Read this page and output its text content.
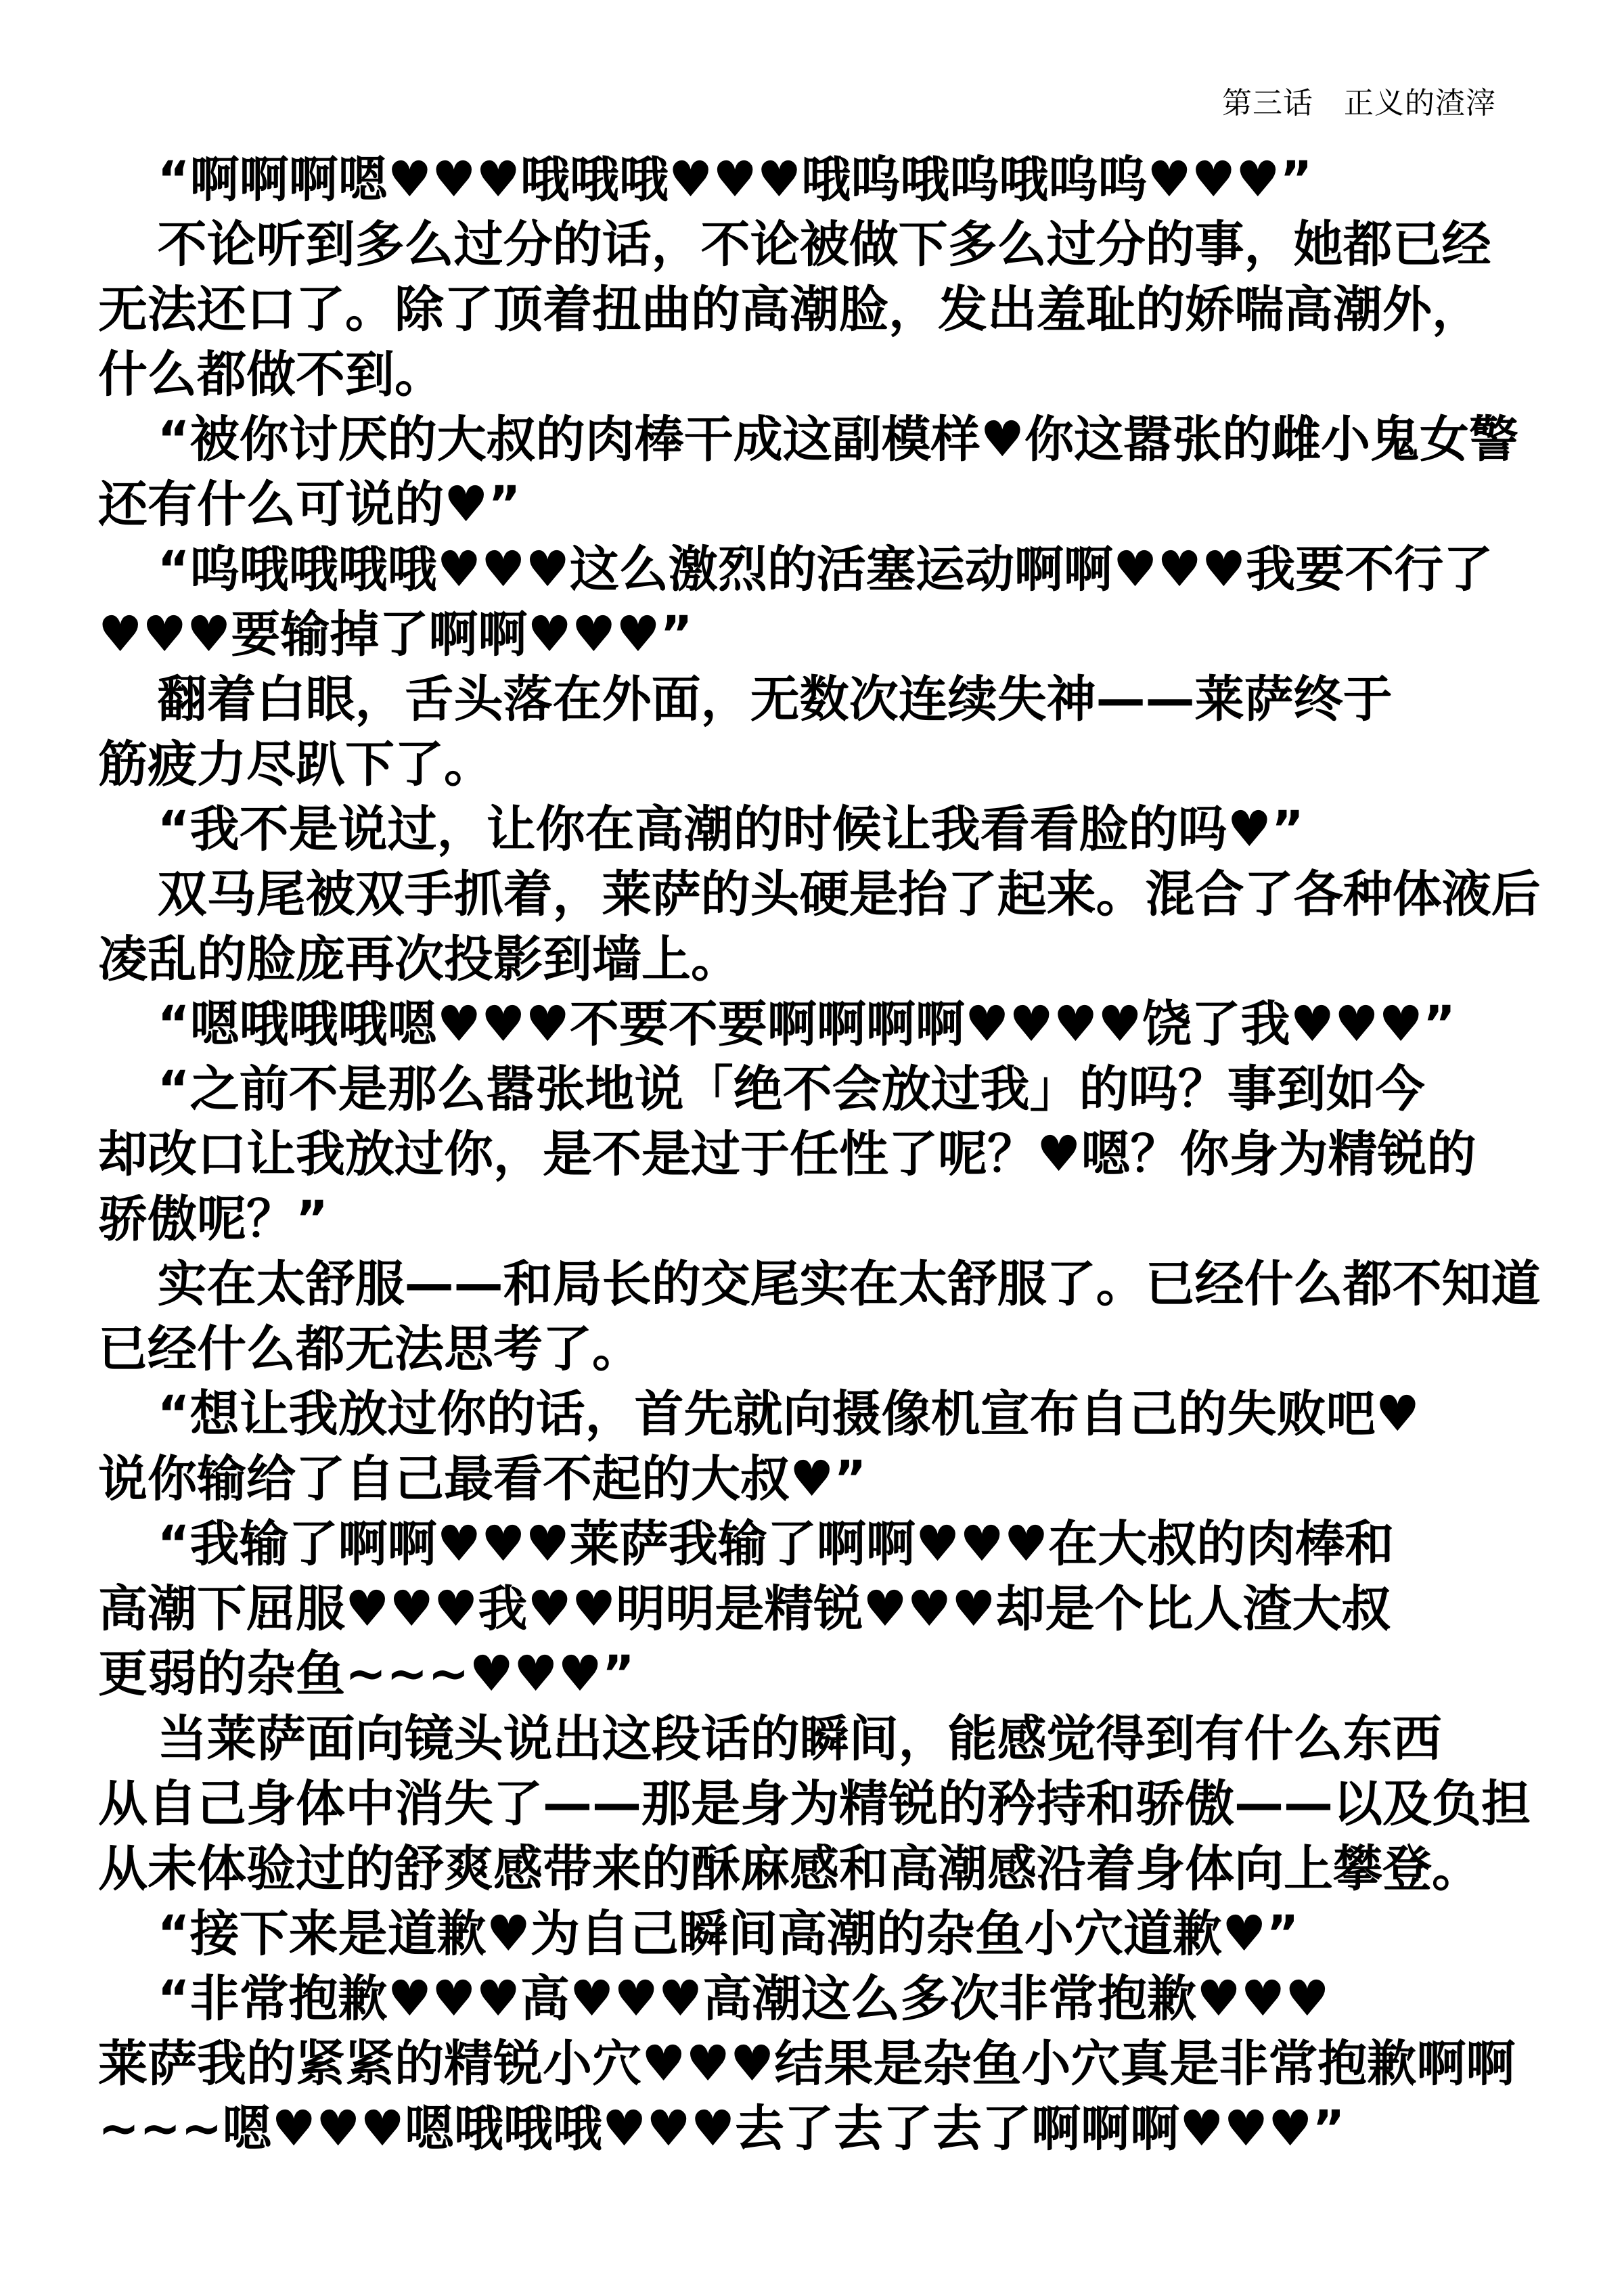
第三话　正义的渣滓
“啊啊啊嗯♥♥♥哦哦哦♥♥♥哦呜哦呜哦呜呜♥♥♥”
不论听到多么过分的话，不论被做下多么过分的事，她都已经
无法还口了。除了顶着扭曲的高潮脸，发出羞耻的娇喘高潮外，
什么都做不到。
“被你讨厌的大叔的肉棒干成这副模样♥你这嚣张的雌小鬼女警
还有什么可说的♥”
“呜哦哦哦哦♥♥♥这么激烈的活塞运动啊啊♥♥♥我要不行了
♥♥♥要输掉了啊啊♥♥♥”
翻着白眼，舌头落在外面，无数次连续失神——莱萨终于
筋疲力尽趴下了。
“我不是说过，让你在高潮的时候让我看看脸的吗♥”
双马尾被双手抓着，莱萨的头硬是抬了起来。混合了各种体液后
凌乱的脸庞再次投影到墙上。
“嗯哦哦哦嗯♥♥♥不要不要啊啊啊啊♥♥♥♥饶了我♥♥♥”
“之前不是那么嚣张地说「绝不会放过我」的吗？事到如今
却改口让我放过你，是不是过于任性了呢？♥嗯？你身为精锐的
骄傲呢？”
实在太舒服——和局长的交尾实在太舒服了。已经什么都不知道
已经什么都无法思考了。
“想让我放过你的话，首先就向摄像机宣布自己的失败吧♥
说你输给了自己最看不起的大叔♥”
“我输了啊啊♥♥♥莱萨我输了啊啊♥♥♥在大叔的肉棒和
高潮下屈服♥♥♥我♥♥明明是精锐♥♥♥却是个比人渣大叔
更弱的杂鱼~~~♥♥♥”
当莱萨面向镜头说出这段话的瞬间，能感觉得到有什么东西
从自己身体中消失了——那是身为精锐的矜持和骄傲——以及负担
从未体验过的舒爽感带来的酥麻感和高潮感沿着身体向上攀登。
“接下来是道歉♥为自己瞬间高潮的杂鱼小穴道歉♥”
“非常抱歉♥♥♥高♥♥♥高潮这么多次非常抱歉♥♥♥
莱萨我的紧紧的精锐小穴♥♥♥结果是杂鱼小穴真是非常抱歉啊啊
~~~嗯♥♥♥嗯哦哦哦♥♥♥去了去了去了啊啊啊♥♥♥”
